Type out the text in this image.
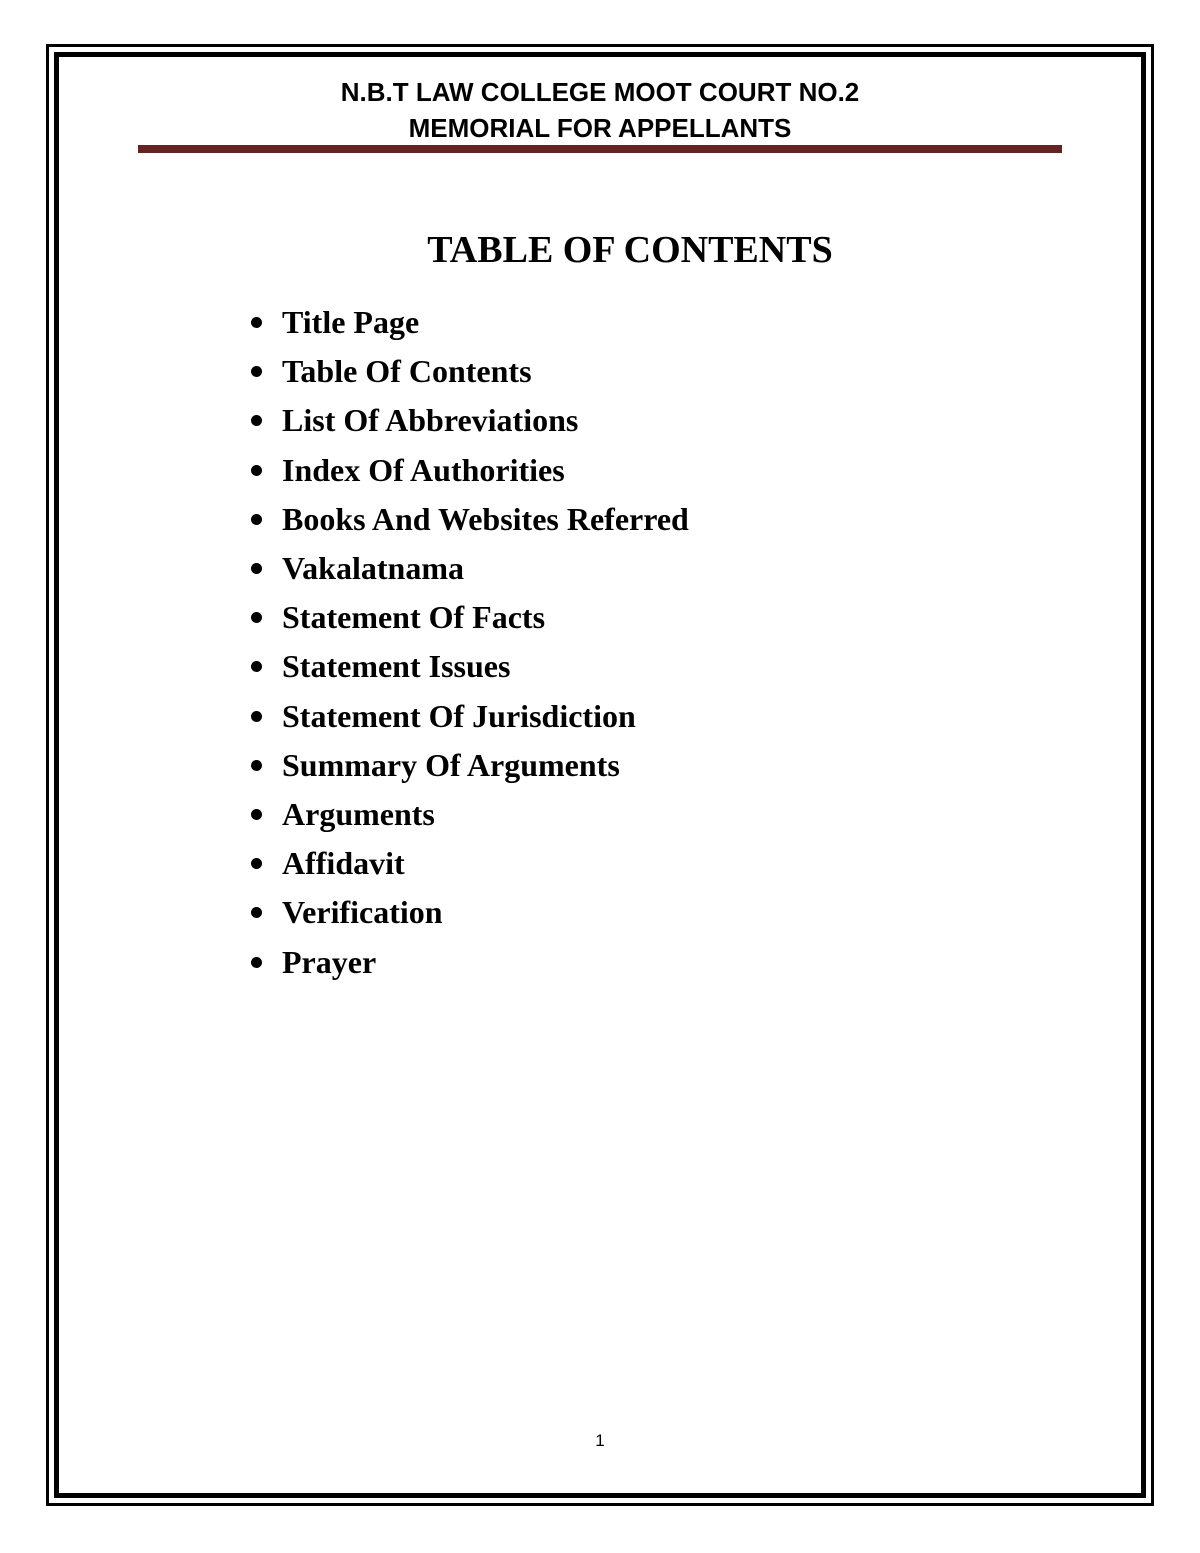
N.B.T LAW COLLEGE MOOT COURT NO.2
MEMORIAL FOR APPELLANTS
TABLE OF CONTENTS
Title Page
Table Of Contents
List Of Abbreviations
Index Of Authorities
Books And Websites Referred
Vakalatnama
Statement Of Facts
Statement Issues
Statement Of Jurisdiction
Summary Of Arguments
Arguments
Affidavit
Verification
Prayer
1
